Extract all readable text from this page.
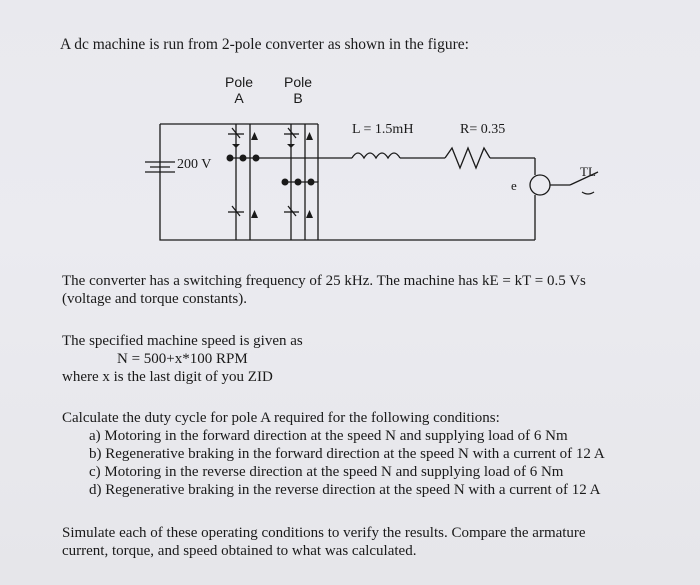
A dc machine is run from 2-pole converter as shown in the figure:
Pole
A
Pole
B
L = 1.5mH	R= 0.35
200 V
e
TL
The converter has a switching frequency of 25 kHz. The machine has kE = kT = 0.5 Vs
(voltage and torque constants).
The specified machine speed is given as
N = 500+x*100 RPM
where x is the last digit of you ZID
Calculate the duty cycle for pole A required for the following conditions:
a) Motoring in the forward direction at the speed N and supplying load of 6 Nm
b) Regenerative braking in the forward direction at the speed N with a current of 12 A
c) Motoring in the reverse direction at the speed N and supplying load of 6 Nm
d) Regenerative braking in the reverse direction at the speed N with a current of 12 A
Simulate each of these operating conditions to verify the results. Compare the armature
current, torque, and speed obtained to what was calculated.
